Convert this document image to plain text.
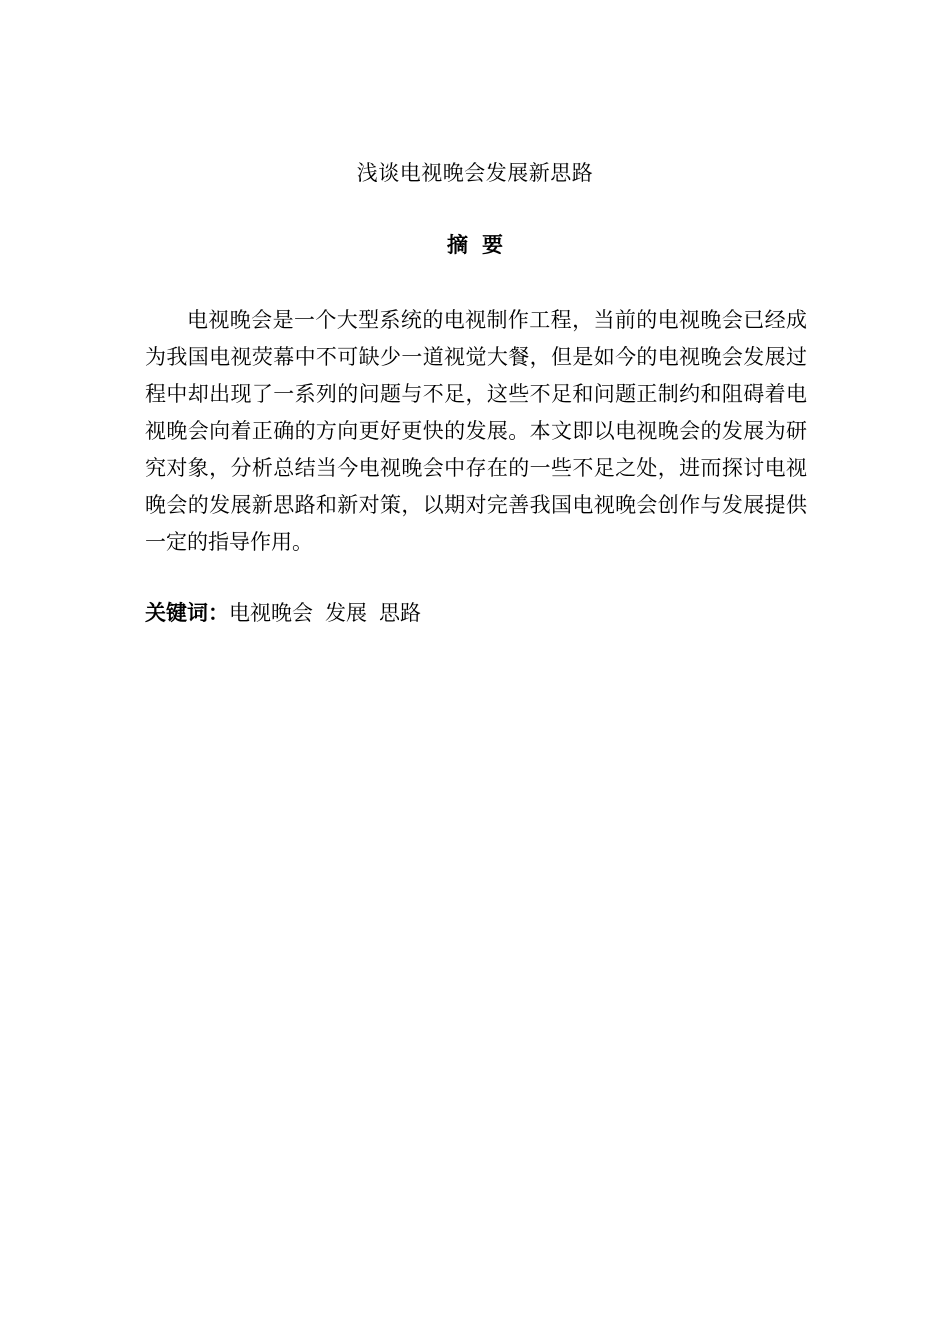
浅谈电视晚会发展新思路
摘要

电视晚会是一个大型系统的电视制作工程，当前的电视晚会已经成为我国电视荧幕中不可缺少一道视觉大餐，但是如今的电视晚会发展过程中却出现了一系列的问题与不足，这些不足和问题正制约和阻碍着电视晚会向着正确的方向更好更快的发展。本文即以电视晚会的发展为研究对象，分析总结当今电视晚会中存在的一些不足之处，进而探讨电视晚会的发展新思路和新对策，以期对完善我国电视晚会创作与发展提供一定的指导作用。

关键词：电视晚会 发展 思路
